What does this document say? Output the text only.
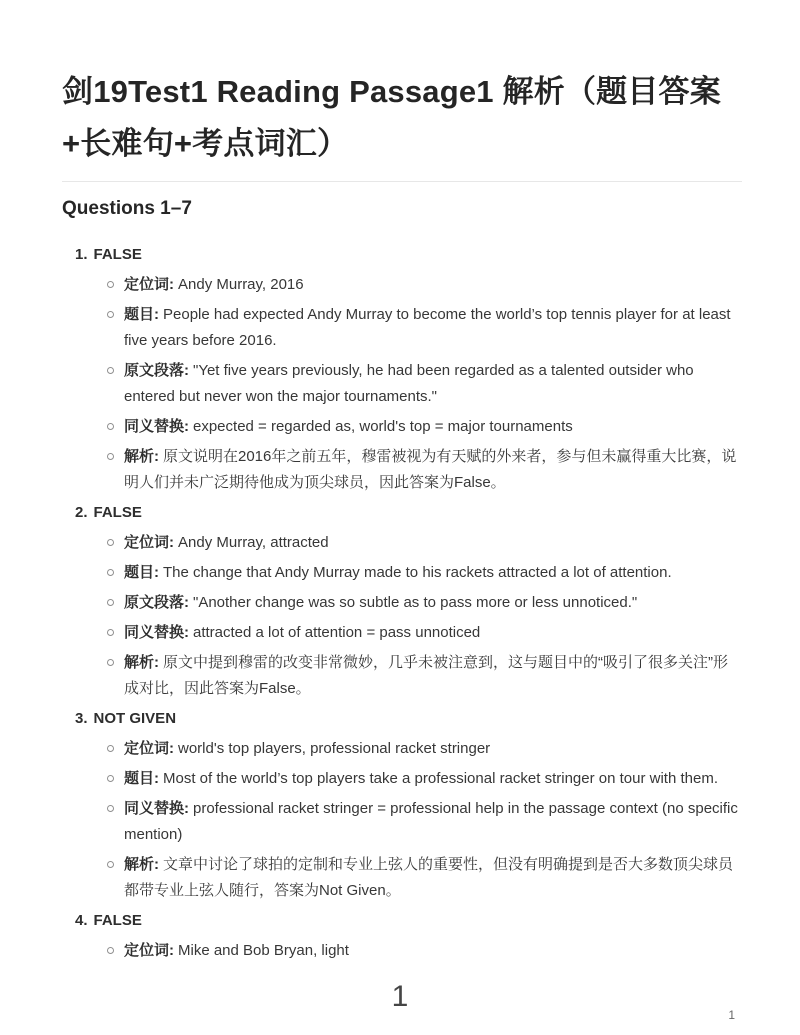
剑19Test1 Reading Passage1 解析（题目答案+长难句+考点词汇）
Questions 1–7
1. FALSE
定位词: Andy Murray, 2016
题目: People had expected Andy Murray to become the world’s top tennis player for at least five years before 2016.
原文段落: "Yet five years previously, he had been regarded as a talented outsider who entered but never won the major tournaments."
同义替换: expected = regarded as, world's top = major tournaments
解析: 原文说明在2016年之前五年，穆雷被视为有天赋的外来者，参与但未赢得重大比赛，说明人们并未广泛期待他成为顶尖球员，因此答案为False。
2. FALSE
定位词: Andy Murray, attracted
题目: The change that Andy Murray made to his rackets attracted a lot of attention.
原文段落: "Another change was so subtle as to pass more or less unnoticed."
同义替换: attracted a lot of attention = pass unnoticed
解析: 原文中提到穆雷的改变非常微妙，几乎未被注意到，这与题目中的“吸引了很多关注”形成对比，因此答案为False。
3. NOT GIVEN
定位词: world's top players, professional racket stringer
题目: Most of the world’s top players take a professional racket stringer on tour with them.
同义替换: professional racket stringer = professional help in the passage context (no specific mention)
解析: 文章中讨论了球拍的定制和专业上弦人的重要性，但没有明确提到是否大多数顶尖球员都带专业上弦人随行，答案为Not Given。
4. FALSE
定位词: Mike and Bob Bryan, light
1
1
